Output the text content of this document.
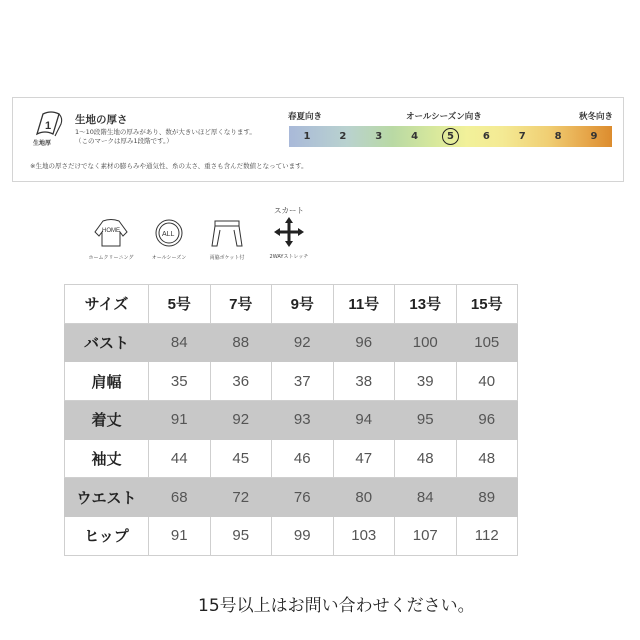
1
生地厚
生地の厚さ
1〜10段階生地の厚みがあり、数が大きいほど厚くなります。
（このマークは厚み1段階です。）
※生地の厚さだけでなく素材の膨らみや通気性、糸の太さ、重さも含んだ数値となっています。
春夏向き	オールシーズン向き	秋冬向き
1	2	3	4	5	6	7	8	9
HOME
ホームクリーニング
ALL
オールシーズン	両脇ポケット付
スカート
2WAYストレッチ
サイズ	5号	7号	9号	11号	13号	15号
バスト	84	88	92	96	100	105
肩幅	35	36	37	38	39	40
着丈	91	92	93	94	95	96
袖丈	44	45	46	47	48	48
ウエスト	68	72	76	80	84	89
ヒップ	91	95	99	103	107	112
15号以上はお問い合わせください。
